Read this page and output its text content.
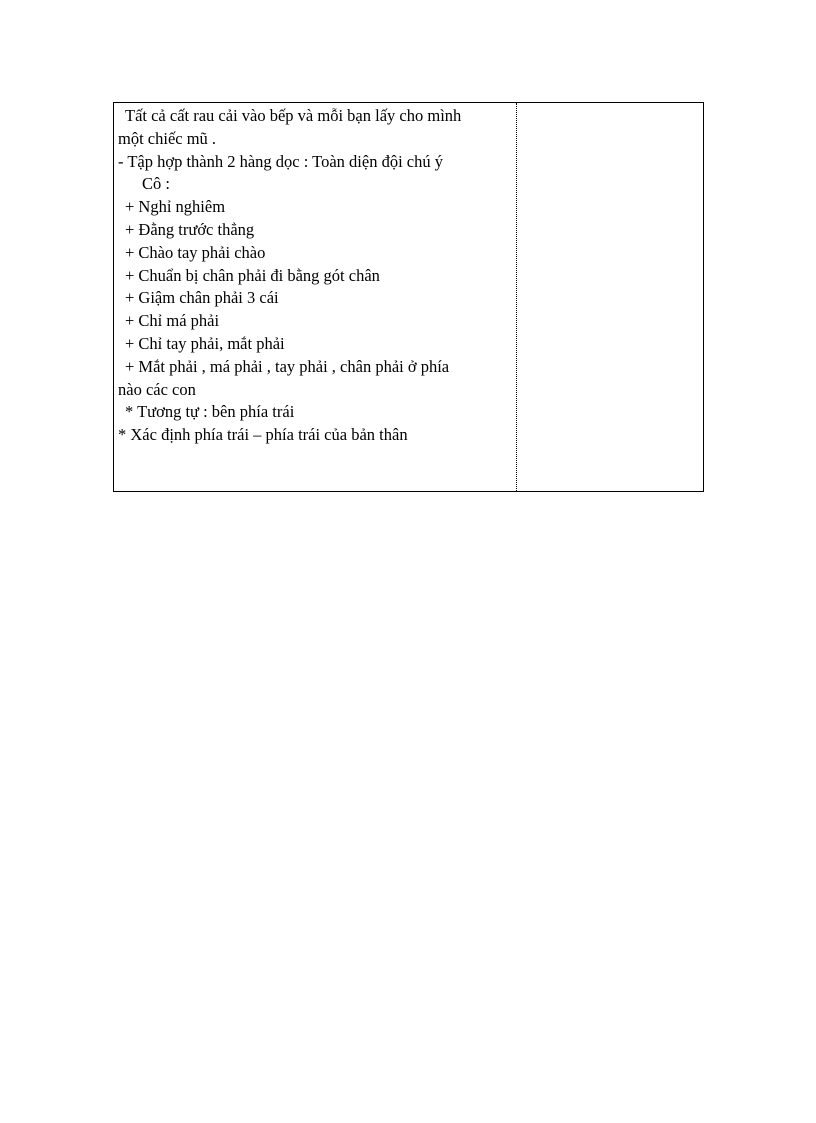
Tất cả cất rau cải vào bếp và mỗi bạn lấy cho mình
một chiếc mũ .
- Tập hợp thành 2 hàng dọc : Toàn diện đội chú ý
Cô :
+ Nghỉ nghiêm
+ Đằng trước thẳng
+ Chào tay phải chào
+ Chuẩn bị chân phải đi bằng gót chân
+ Giậm chân phải 3 cái
+ Chỉ má phải
+ Chỉ tay phải, mắt phải
+ Mắt phải , má phải , tay phải , chân phải ở phía
nào các con
* Tương tự : bên phía trái
* Xác định phía trái – phía trái của bản thân
